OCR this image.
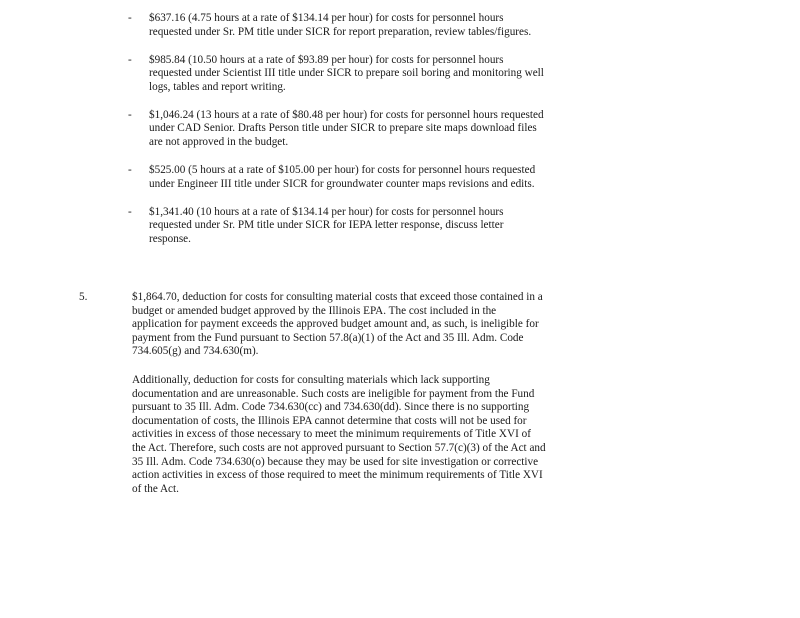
- $637.16 (4.75 hours at a rate of $134.14 per hour) for costs for personnel hours requested under Sr. PM title under SICR for report preparation, review tables/figures.
- $985.84 (10.50 hours at a rate of $93.89 per hour) for costs for personnel hours requested under Scientist III title under SICR to prepare soil boring and monitoring well logs, tables and report writing.
- $1,046.24 (13 hours at a rate of $80.48 per hour) for costs for personnel hours requested under CAD Senior. Drafts Person title under SICR to prepare site maps download files are not approved in the budget.
- $525.00 (5 hours at a rate of $105.00 per hour) for costs for personnel hours requested under Engineer III title under SICR for groundwater counter maps revisions and edits.
- $1,341.40 (10 hours at a rate of $134.14 per hour) for costs for personnel hours requested under Sr. PM title under SICR for IEPA letter response, discuss letter response.
5.	$1,864.70, deduction for costs for consulting material costs that exceed those contained in a budget or amended budget approved by the Illinois EPA. The cost included in the application for payment exceeds the approved budget amount and, as such, is ineligible for payment from the Fund pursuant to Section 57.8(a)(1) of the Act and 35 Ill. Adm. Code 734.605(g) and 734.630(m).

Additionally, deduction for costs for consulting materials which lack supporting documentation and are unreasonable. Such costs are ineligible for payment from the Fund pursuant to 35 Ill. Adm. Code 734.630(cc) and 734.630(dd). Since there is no supporting documentation of costs, the Illinois EPA cannot determine that costs will not be used for activities in excess of those necessary to meet the minimum requirements of Title XVI of the Act. Therefore, such costs are not approved pursuant to Section 57.7(c)(3) of the Act and 35 Ill. Adm. Code 734.630(o) because they may be used for site investigation or corrective action activities in excess of those required to meet the minimum requirements of Title XVI of the Act.
